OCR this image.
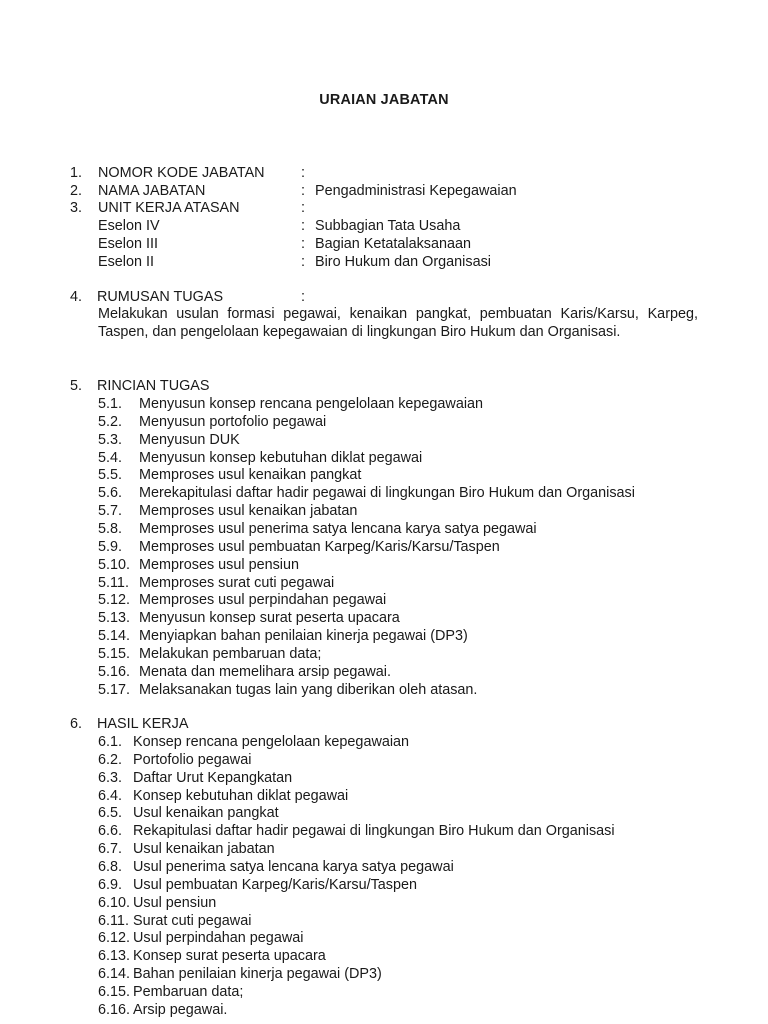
URAIAN JABATAN
1. NOMOR KODE JABATAN	:
2. NAMA JABATAN	: Pengadministrasi Kepegawaian
3. UNIT KERJA ATASAN	:
Eselon IV	: Subbagian Tata Usaha
Eselon III	: Bagian Ketatalaksanaan
Eselon II	: Biro Hukum dan Organisasi
4. RUMUSAN TUGAS	:
Melakukan usulan formasi pegawai, kenaikan pangkat, pembuatan Karis/Karsu, Karpeg, Taspen, dan pengelolaan kepegawaian di lingkungan Biro Hukum dan Organisasi.
5. RINCIAN TUGAS
5.1. Menyusun konsep rencana pengelolaan kepegawaian
5.2. Menyusun portofolio pegawai
5.3. Menyusun DUK
5.4. Menyusun konsep kebutuhan diklat pegawai
5.5. Memproses usul kenaikan pangkat
5.6. Merekapitulasi daftar hadir pegawai di lingkungan Biro Hukum dan Organisasi
5.7. Memproses usul kenaikan jabatan
5.8. Memproses usul penerima satya lencana karya satya pegawai
5.9. Memproses usul pembuatan Karpeg/Karis/Karsu/Taspen
5.10. Memproses usul pensiun
5.11. Memproses surat cuti pegawai
5.12. Memproses usul perpindahan pegawai
5.13. Menyusun konsep surat peserta upacara
5.14. Menyiapkan bahan penilaian kinerja pegawai (DP3)
5.15. Melakukan pembaruan data;
5.16. Menata dan memelihara arsip pegawai.
5.17. Melaksanakan tugas lain yang diberikan oleh atasan.
6. HASIL KERJA
6.1. Konsep rencana pengelolaan kepegawaian
6.2. Portofolio pegawai
6.3. Daftar Urut Kepangkatan
6.4. Konsep kebutuhan diklat pegawai
6.5. Usul kenaikan pangkat
6.6. Rekapitulasi daftar hadir pegawai di lingkungan Biro Hukum dan Organisasi
6.7. Usul kenaikan jabatan
6.8. Usul penerima satya lencana karya satya pegawai
6.9. Usul pembuatan Karpeg/Karis/Karsu/Taspen
6.10. Usul pensiun
6.11. Surat cuti pegawai
6.12. Usul perpindahan pegawai
6.13. Konsep surat peserta upacara
6.14. Bahan penilaian kinerja pegawai (DP3)
6.15. Pembaruan data;
6.16. Arsip pegawai.
